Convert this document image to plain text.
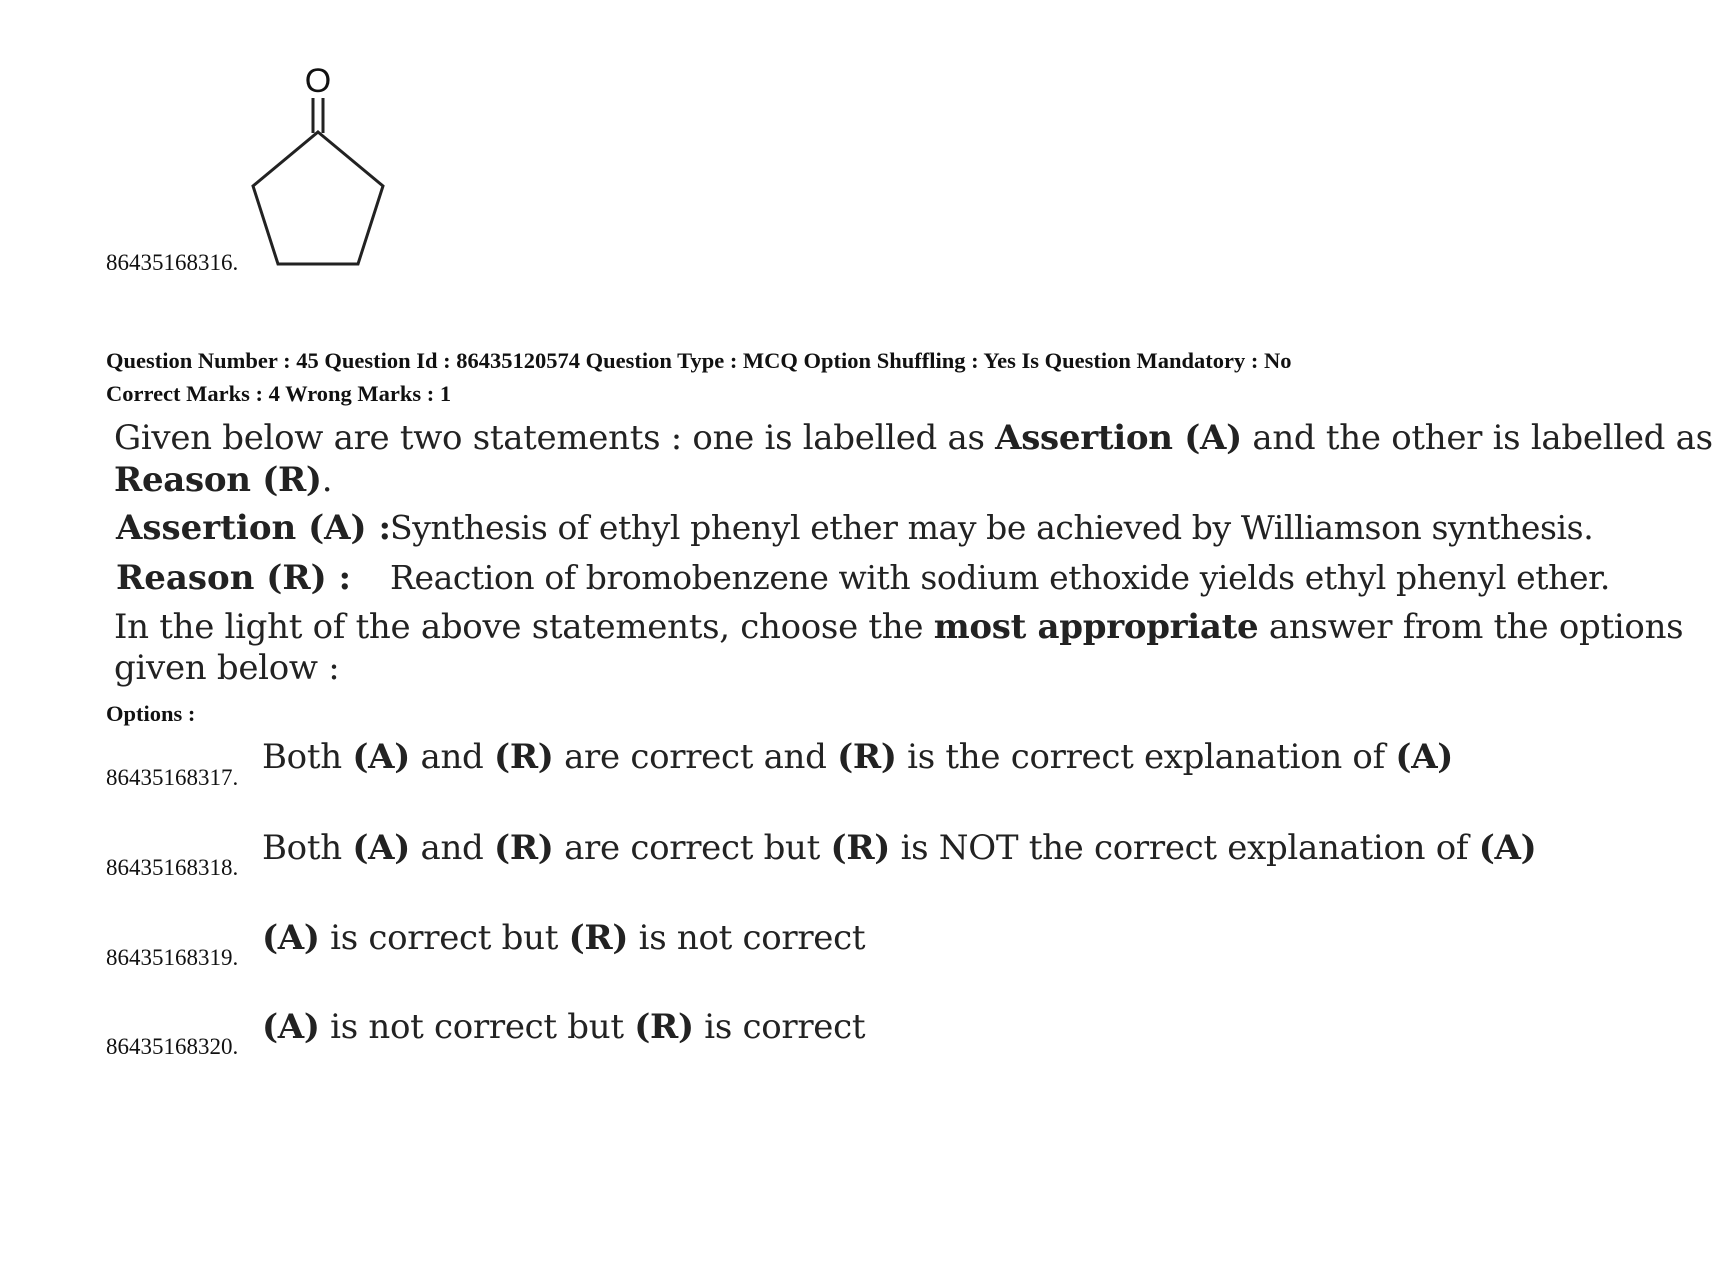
86435168316.
O
Question Number : 45 Question Id : 86435120574 Question Type : MCQ Option Shuffling : Yes Is Question Mandatory : No
Correct Marks : 4 Wrong Marks : 1
Given below are two statements : one is labelled as Assertion (A) and the other is labelled as
Reason (R).
Assertion (A) :
Synthesis of ethyl phenyl ether may be achieved by Williamson synthesis.
Reason (R) : Reaction of bromobenzene with sodium ethoxide yields ethyl phenyl ether.
In the light of the above statements, choose the most appropriate answer from the options
given below :
Options :
86435168317.
Both (A) and (R) are correct and (R) is the correct explanation of (A)
86435168318. Both (A) and (R) are correct but (R) is NOT the correct explanation of (A)
86435168319. (A) is correct but (R) is not correct
86435168320. (A) is not correct but (R) is correct
